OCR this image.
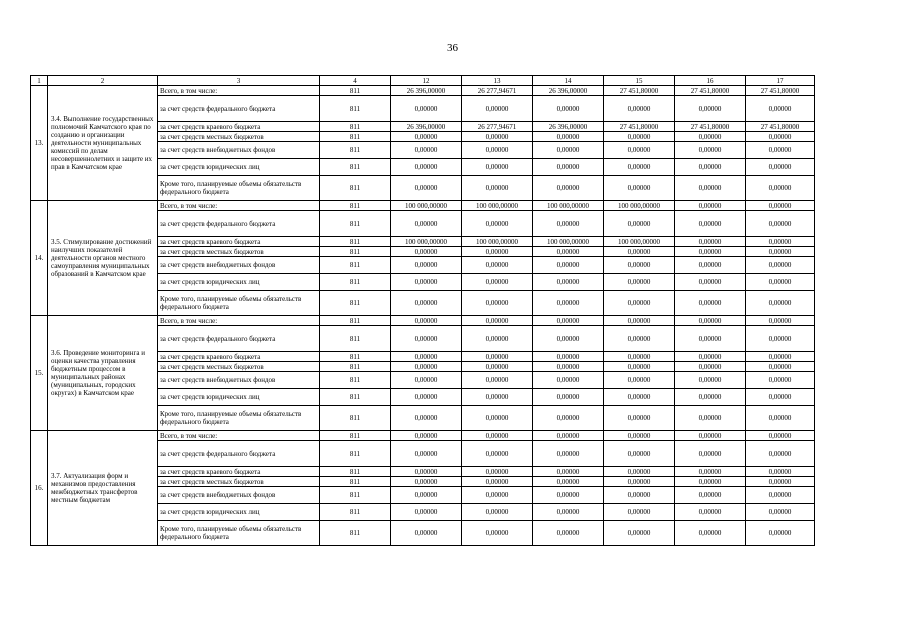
36
1	2	3	4	12	13	14	15	16	17
13.	3.4. Выполнение государственных полномочий Камчатского края по созданию и организации деятельности муниципальных комиссий по делам несовершеннолетних и защите их прав в Камчатском крае	Всего, в том числе:	811	26 396,00000	26 277,94671	26 396,00000	27 451,80000	27 451,80000	27 451,80000
		за счет средств федерального бюджета	811	0,00000	0,00000	0,00000	0,00000	0,00000	0,00000
		за счет средств краевого бюджета	811	26 396,00000	26 277,94671	26 396,00000	27 451,80000	27 451,80000	27 451,80000
		за счет средств местных бюджетов	811	0,00000	0,00000	0,00000	0,00000	0,00000	0,00000
		за счет средств внебюджетных фондов	811	0,00000	0,00000	0,00000	0,00000	0,00000	0,00000
		за счет средств юридических лиц	811	0,00000	0,00000	0,00000	0,00000	0,00000	0,00000
		Кроме того, планируемые объемы обязательств федерального бюджета	811	0,00000	0,00000	0,00000	0,00000	0,00000	0,00000
14.	3.5. Стимулирование достижений наилучших показателей деятельности органов местного самоуправления муниципальных образований в Камчатском крае	Всего, в том числе:	811	100 000,00000	100 000,00000	100 000,00000	100 000,00000	0,00000	0,00000
		за счет средств федерального бюджета	811	0,00000	0,00000	0,00000	0,00000	0,00000	0,00000
		за счет средств краевого бюджета	811	100 000,00000	100 000,00000	100 000,00000	100 000,00000	0,00000	0,00000
		за счет средств местных бюджетов	811	0,00000	0,00000	0,00000	0,00000	0,00000	0,00000
		за счет средств внебюджетных фондов	811	0,00000	0,00000	0,00000	0,00000	0,00000	0,00000
		за счет средств юридических лиц	811	0,00000	0,00000	0,00000	0,00000	0,00000	0,00000
		Кроме того, планируемые объемы обязательств федерального бюджета	811	0,00000	0,00000	0,00000	0,00000	0,00000	0,00000
15.	3.6. Проведение мониторинга и оценки качества управления бюджетным процессом в муниципальных районах (муниципальных, городских округах) в Камчатском крае	Всего, в том числе:	811	0,00000	0,00000	0,00000	0,00000	0,00000	0,00000
		за счет средств федерального бюджета	811	0,00000	0,00000	0,00000	0,00000	0,00000	0,00000
		за счет средств краевого бюджета	811	0,00000	0,00000	0,00000	0,00000	0,00000	0,00000
		за счет средств местных бюджетов	811	0,00000	0,00000	0,00000	0,00000	0,00000	0,00000
		за счет средств внебюджетных фондов	811	0,00000	0,00000	0,00000	0,00000	0,00000	0,00000
		за счет средств юридических лиц	811	0,00000	0,00000	0,00000	0,00000	0,00000	0,00000
		Кроме того, планируемые объемы обязательств федерального бюджета	811	0,00000	0,00000	0,00000	0,00000	0,00000	0,00000
16.	3.7. Актуализация форм и механизмов предоставления межбюджетных трансфертов местным бюджетам	Всего, в том числе:	811	0,00000	0,00000	0,00000	0,00000	0,00000	0,00000
		за счет средств федерального бюджета	811	0,00000	0,00000	0,00000	0,00000	0,00000	0,00000
		за счет средств краевого бюджета	811	0,00000	0,00000	0,00000	0,00000	0,00000	0,00000
		за счет средств местных бюджетов	811	0,00000	0,00000	0,00000	0,00000	0,00000	0,00000
		за счет средств внебюджетных фондов	811	0,00000	0,00000	0,00000	0,00000	0,00000	0,00000
		за счет средств юридических лиц	811	0,00000	0,00000	0,00000	0,00000	0,00000	0,00000
		Кроме того, планируемые объемы обязательств федерального бюджета	811	0,00000	0,00000	0,00000	0,00000	0,00000	0,00000
